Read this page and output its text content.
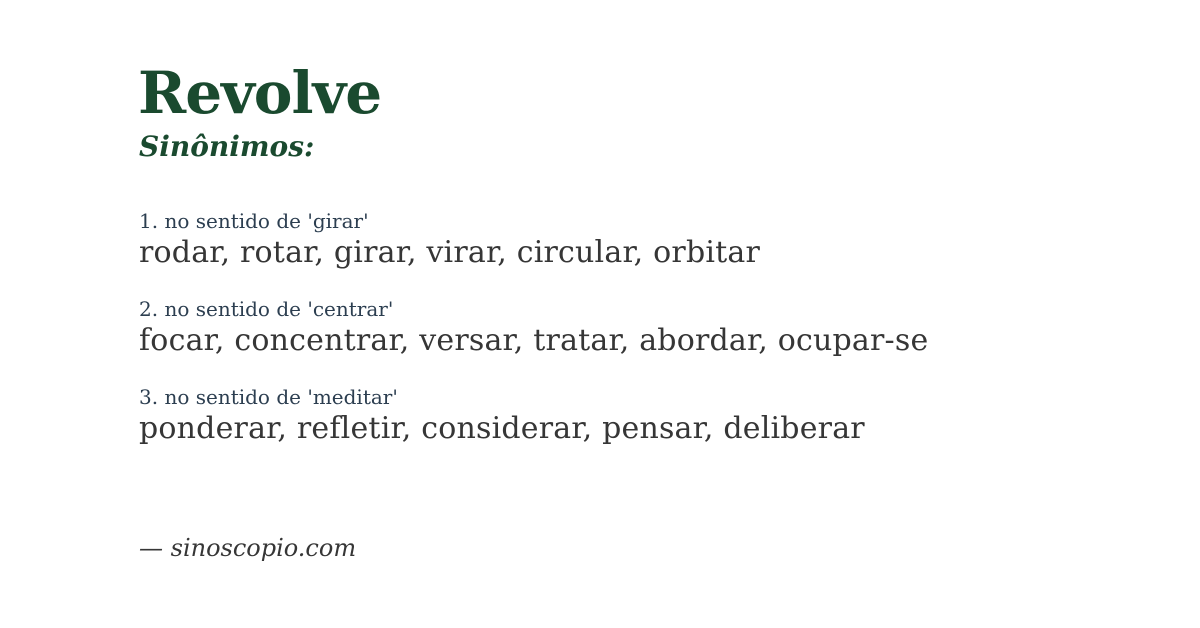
Revolve
Sinônimos:

1. no sentido de 'girar'

rodar, rotar, girar, virar, circular, orbitar

2. no sentido de 'centrar'

focar, concentrar, versar, tratar, abordar, ocupar-se

3. no sentido de 'meditar'

ponderar, refletir, considerar, pensar, deliberar

— sinoscopio.com
